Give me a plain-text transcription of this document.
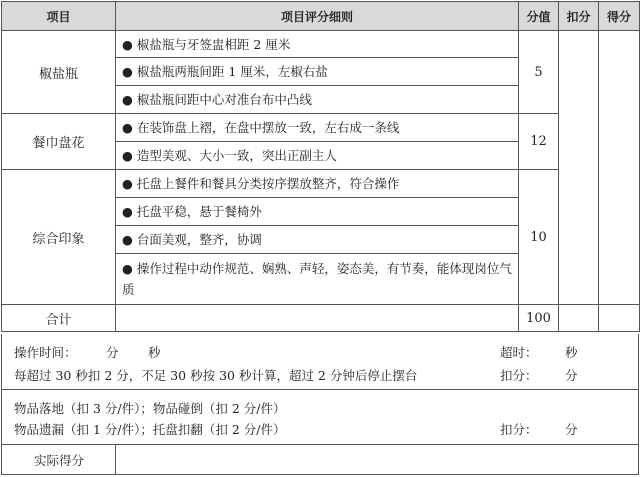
项目	项目评分细则	分值	扣分	得分
椒盐瓶	● 椒盐瓶与牙签盅相距 2 厘米	5		
	● 椒盐瓶两瓶间距 1 厘米，左椒右盐			
	● 椒盐瓶间距中心对准台布中凸线			
餐巾盘花	● 在装饰盘上褶，在盘中摆放一致，左右成一条线	12		
	● 造型美观、大小一致，突出正副主人			
综合印象	● 托盘上餐件和餐具分类按序摆放整齐，符合操作	10		
	● 托盘平稳，悬于餐椅外			
	● 台面美观，整齐，协调			
	● 操作过程中动作规范、娴熟、声轻，姿态美，有节奏，能体现岗位气质			
合计		100		
操作时间： 分 秒	超时： 秒
每超过 30 秒扣 2 分，不足 30 秒按 30 秒计算，超过 2 分钟后停止摆台	扣分： 分
物品落地（扣 3 分/件）；物品碰倒（扣 2 分/件）
物品遗漏（扣 1 分/件）；托盘扣翻（扣 2 分/件）	扣分： 分
实际得分
